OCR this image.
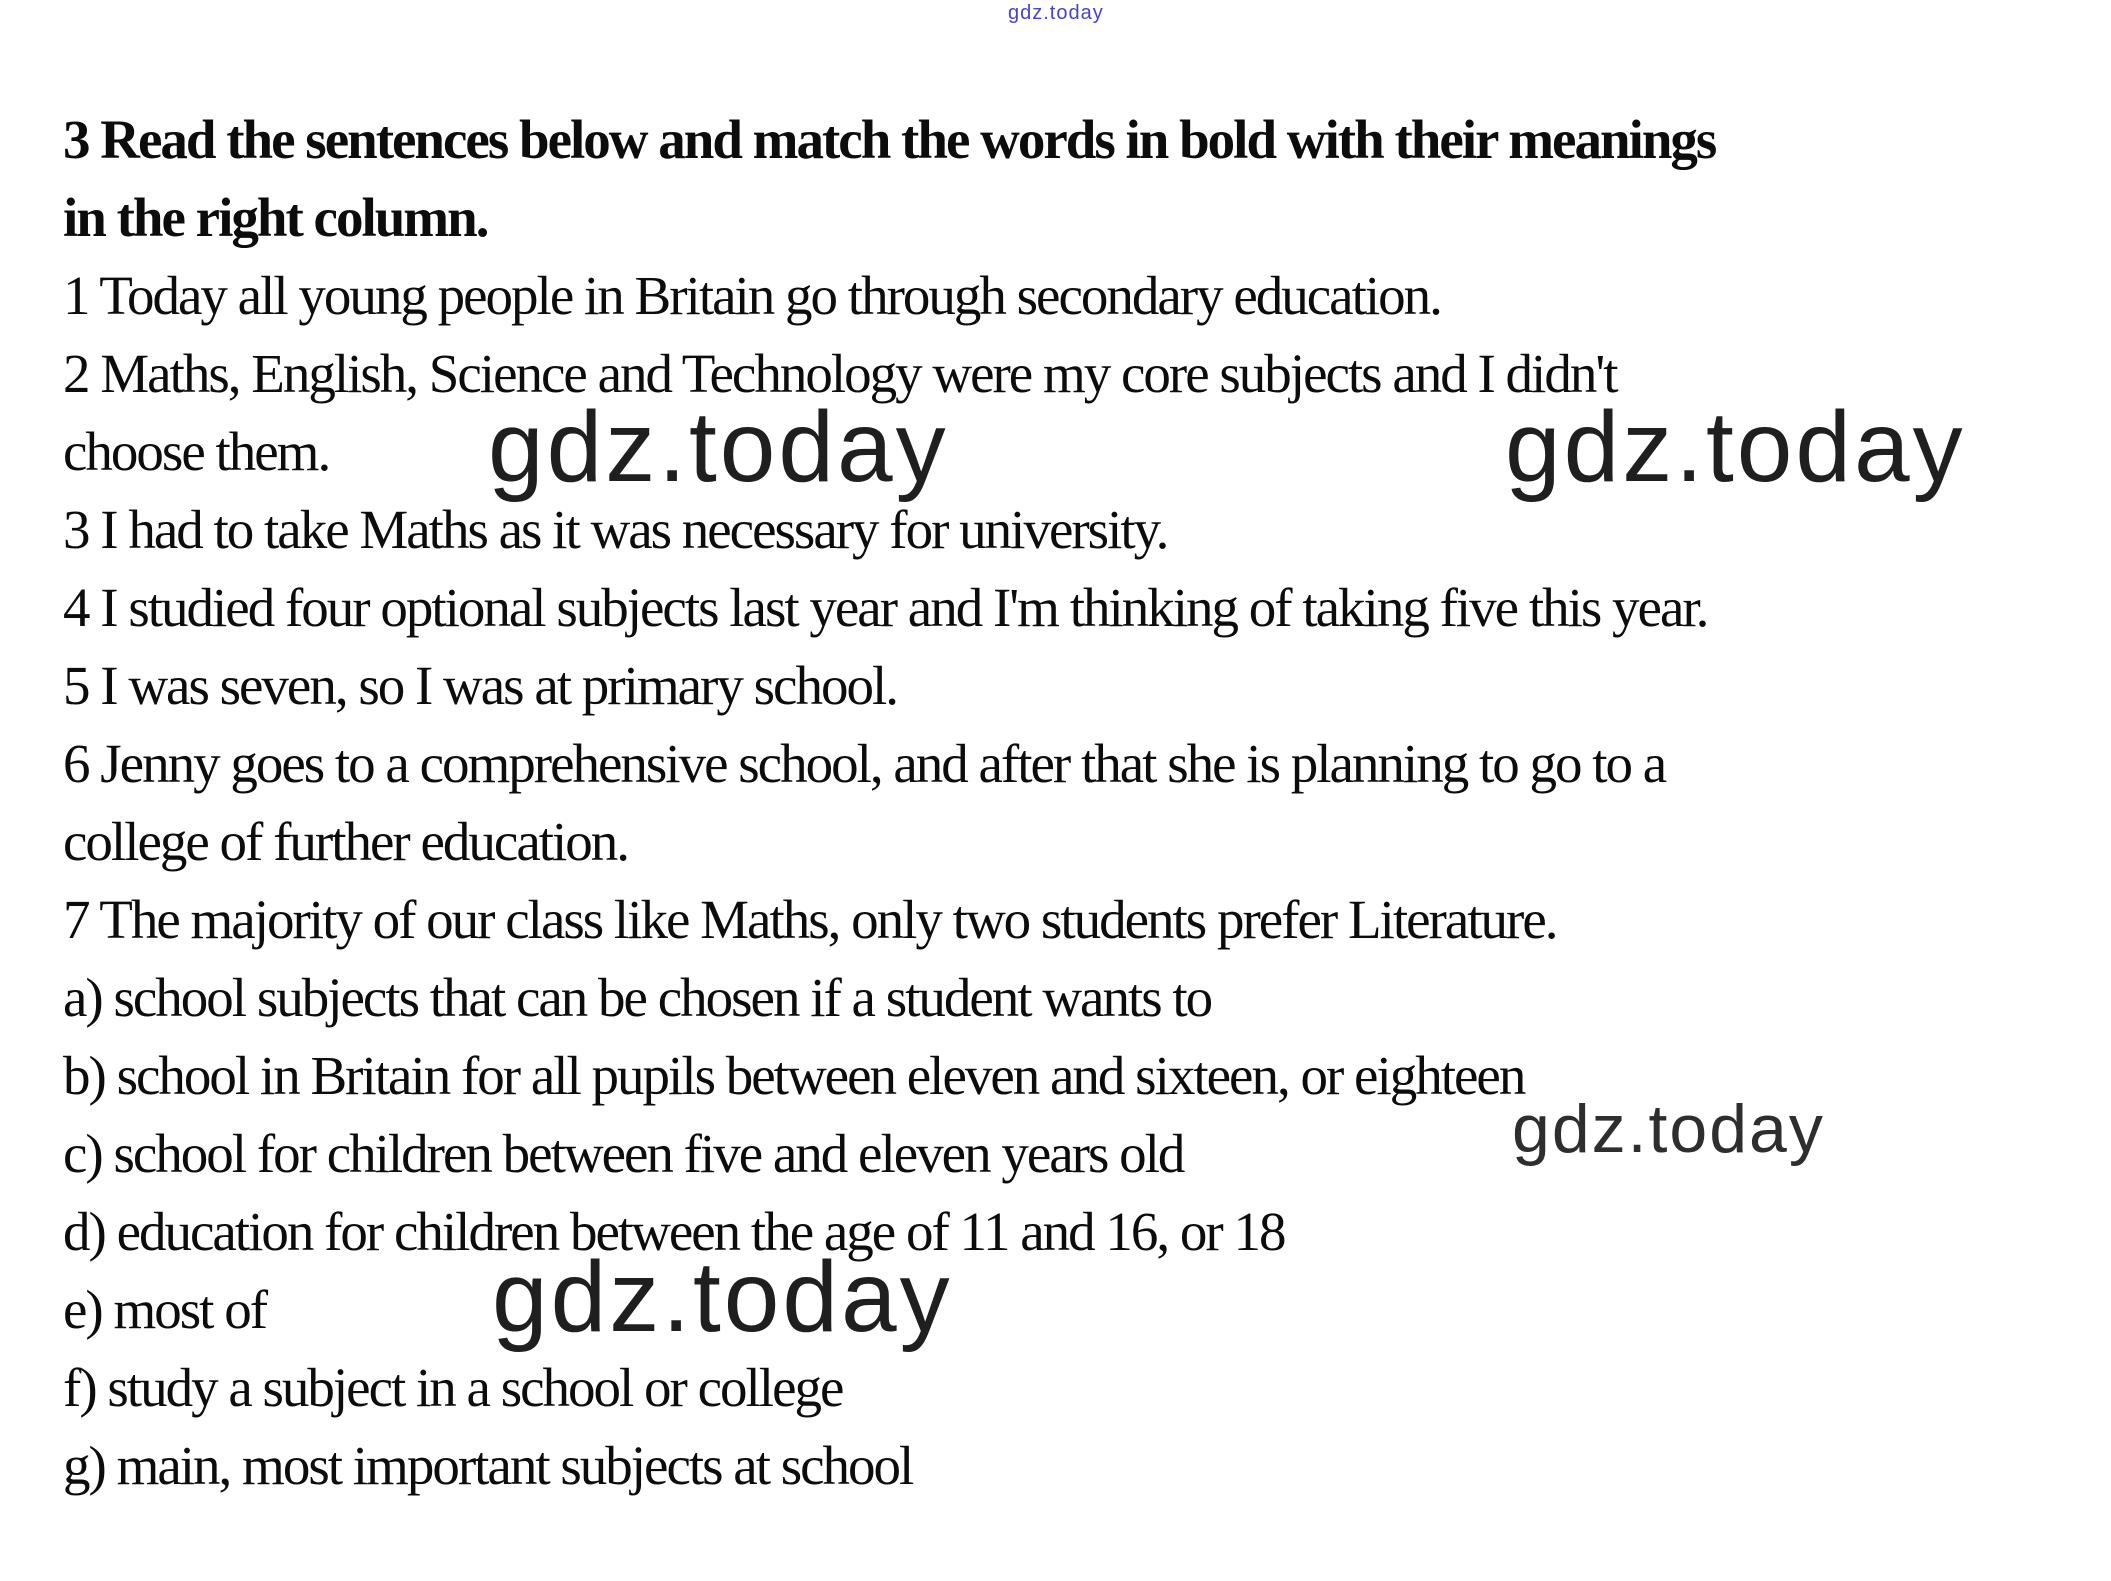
gdz.today
3 Read the sentences below and match the words in bold with their meanings
in the right column.
1 Today all young people in Britain go through secondary education.
2 Maths, English, Science and Technology were my core subjects and I didn't
choose them.
3 I had to take Maths as it was necessary for university.
4 I studied four optional subjects last year and I'm thinking of taking five this year.
5 I was seven, so I was at primary school.
6 Jenny goes to a comprehensive school, and after that she is planning to go to a
college of further education.
7 The majority of our class like Maths, only two students prefer Literature.
a) school subjects that can be chosen if a student wants to
b) school in Britain for all pupils between eleven and sixteen, or eighteen
c) school for children between five and eleven years old
d) education for children between the age of 11 and 16, or 18
e) most of
f) study a subject in a school or college
g) main, most important subjects at school
gdz.today	gdz.today
gdz.today
gdz.today
